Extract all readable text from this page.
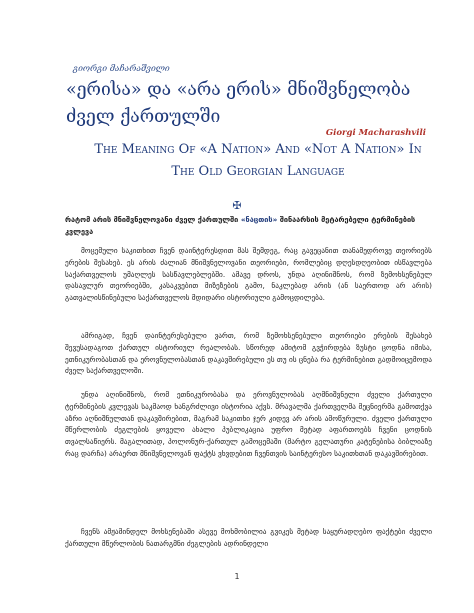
გიორგი მაჩარაშვილი
«ერისა» და «არა ერის» მნიშვნელობა ძველ ქართულში
Giorgi Macharashvili
The Meaning Of «A Nation» And «Not A Nation» In The Old Georgian Language
✠
რატომ არის მნიშვნელოვანი ძველ ქართულში «ნაცთის» შინაარსის მეტარებელი ტერმინების კვლევა
მოცემული საკითხით ჩვენ დაინტერესდით მას შემდეგ, რაც გავეცანით თანამედროვე თეორიებს ერების შესახებ. ეს არის ძალიან მნიშვნელოვანი თეორიები, რომლებიც დღესდღეობით ისწავლება საქართველოს უმაღლეს სასწავლებლებში. ამავე დროს, უნდა აღინიშნოს, რომ ზემოხსენებულ დასავლურ თეორიებში, კასაკვებით მიზეზების გამო, ნაკლებად არის (ან საერთოდ არ არის) გათვალისწინებული საქართველოს მდიდარი ისტორიული გამოცდილება.
ამრიგად, ჩვენ დაინტერესებული ვართ, რომ ზემოხსენებული თეორიები ერების შესახებ შევუსადაგოთ ქართულ ისტორიულ რეალობას. სწორედ ამიტომ გვჭირდება ზუსტი ცოდნა იმისა, ეთნიკურობასთან და ეროვნულობასთან დაკავშირებული ეს თუ ის ცნება რა ტერმინებით გადმოიცემოდა ძველ საქართველოში.
უნდა აღინიშნოს, რომ ეთნიკურობასა და ეროვნულობას აღმნიშვნელი ძველი ქართული ტერმინების კვლევას საკმაოდ ხანგრძლივი ისტორია აქვს. მრავალმა ქართველმა მეცნიერმა გამოთქვა აზრი აღნიშნულთან დაკავშირებით, მაგრამ საკითხი ჯერ კიდევ არ არის ამოწურული. ძველი ქართული მწერლობის ძეგლების ყოველი ახალი პუბლიკაცია უფრო მეტად აფართოებს ჩვენი ცოდნის თვალსაწიერს. მაგალითად, პოლონურ-ქართულ გამოცემაში (მარტო გელათური კატენებისა ბიბლიაზე რაც დარჩა) არაერთ მნიშვნელოვან ფაქტს ვხვდებით ჩვენთვის საინტერესო საკითხთან დაკავშირებით.
ჩვენს ამჟამინდელ მოხსენებაში ასევე მოხმობილია გვიკეს მეტად საყურადღებო ფაქტები ძველი ქართული მწერლობის ნათარგმნი ძეგლების ადრინდელი
1
